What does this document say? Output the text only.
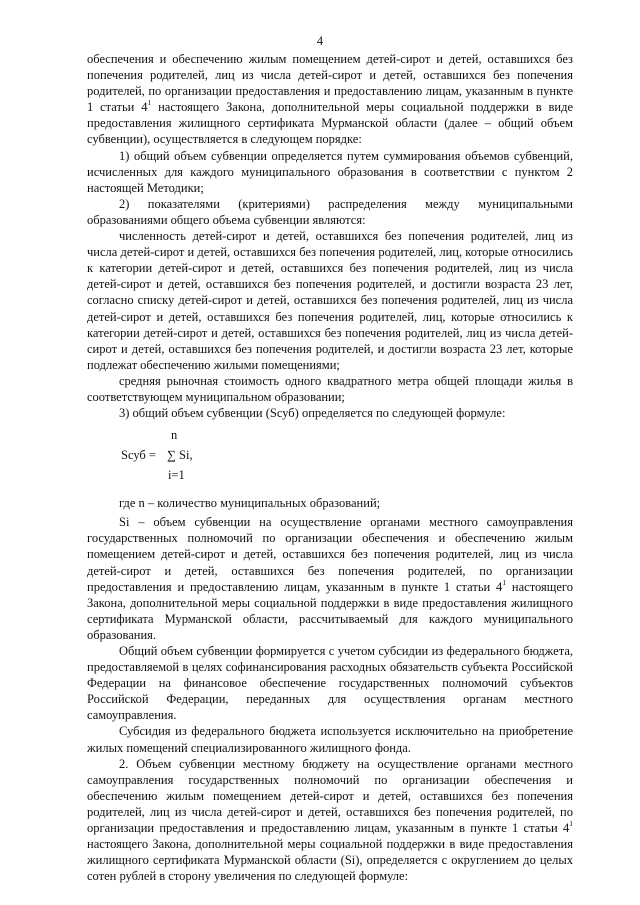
4

обеспечения и обеспечению жилым помещением детей-сирот и детей, оставшихся без попечения родителей, лиц из числа детей-сирот и детей, оставшихся без попечения родителей, по организации предоставления и предоставлению лицам, указанным в пункте 1 статьи $4^1$ настоящего Закона, дополнительной меры социальной поддержки в виде предоставления жилищного сертификата Мурманской области (далее – общий объем субвенции), осуществляется в следующем порядке:

1) общий объем субвенции определяется путем суммирования объемов субвенций, исчисленных для каждого муниципального образования в соответствии с пунктом 2 настоящей Методики;

2) показателями (критериями) распределения между муниципальными образованиями общего объема субвенции являются:

численность детей-сирот и детей, оставшихся без попечения родителей, лиц из числа детей-сирот и детей, оставшихся без попечения родителей, лиц, которые относились к категории детей-сирот и детей, оставшихся без попечения родителей, лиц из числа детей-сирот и детей, оставшихся без попечения родителей, и достигли возраста 23 лет, согласно списку детей-сирот и детей, оставшихся без попечения родителей, лиц из числа детей-сирот и детей, оставшихся без попечения родителей, лиц, которые относились к категории детей-сирот и детей, оставшихся без попечения родителей, лиц из числа детей-сирот и детей, оставшихся без попечения родителей, и достигли возраста 23 лет, которые подлежат обеспечению жилыми помещениями;

средняя рыночная стоимость одного квадратного метра общей площади жилья в соответствующем муниципальном образовании;

3) общий объем субвенции (Sсуб) определяется по следующей формуле:

n
Sсуб = ∑ Si,
i=1

где n – количество муниципальных образований;

Si – объем субвенции на осуществление органами местного самоуправления государственных полномочий по организации обеспечения и обеспечению жилым помещением детей-сирот и детей, оставшихся без попечения родителей, лиц из числа детей-сирот и детей, оставшихся без попечения родителей, по организации предоставления и предоставлению лицам, указанным в пункте 1 статьи $4^1$ настоящего Закона, дополнительной меры социальной поддержки в виде предоставления жилищного сертификата Мурманской области, рассчитываемый для каждого муниципального образования.

Общий объем субвенции формируется с учетом субсидии из федерального бюджета, предоставляемой в целях софинансирования расходных обязательств субъекта Российской Федерации на финансовое обеспечение государственных полномочий субъектов Российской Федерации, переданных для осуществления органам местного самоуправления.

Субсидия из федерального бюджета используется исключительно на приобретение жилых помещений специализированного жилищного фонда.

2. Объем субвенции местному бюджету на осуществление органами местного самоуправления государственных полномочий по организации обеспечения и обеспечению жилым помещением детей-сирот и детей, оставшихся без попечения родителей, лиц из числа детей-сирот и детей, оставшихся без попечения родителей, по организации предоставления и предоставлению лицам, указанным в пункте 1 статьи $4^1$ настоящего Закона, дополнительной меры социальной поддержки в виде предоставления жилищного сертификата Мурманской области (Si), определяется с округлением до целых сотен рублей в сторону увеличения по следующей формуле:
